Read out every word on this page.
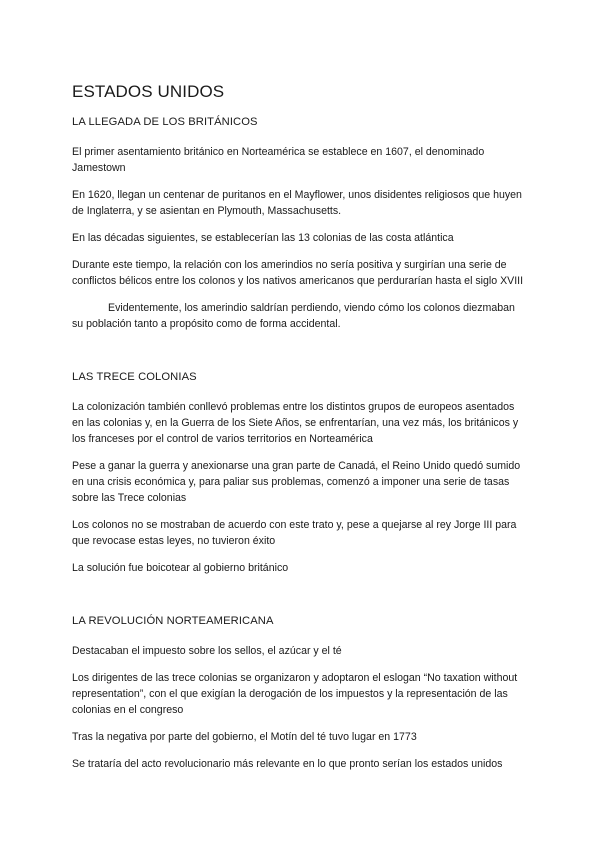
ESTADOS UNIDOS
LA LLEGADA DE LOS BRITÁNICOS

El primer asentamiento británico en Norteamérica se establece en 1607, el denominado Jamestown

En 1620, llegan un centenar de puritanos en el Mayflower, unos disidentes religiosos que huyen de Inglaterra, y se asientan en Plymouth, Massachusetts.

En las décadas siguientes, se establecerían las 13 colonias de las costa atlántica

Durante este tiempo, la relación con los amerindios no sería positiva y surgirían una serie de conflictos bélicos entre los colonos y los nativos americanos que perdurarían hasta el siglo XVIII

Evidentemente, los amerindio saldrían perdiendo, viendo cómo los colonos diezmaban su población tanto a propósito como de forma accidental.

LAS TRECE COLONIAS

La colonización también conllevó problemas entre los distintos grupos de europeos asentados en las colonias y, en la Guerra de los Siete Años, se enfrentarían, una vez más, los británicos y los franceses por el control de varios territorios en Norteamérica

Pese a ganar la guerra y anexionarse una gran parte de Canadá, el Reino Unido quedó sumido en una crisis económica y, para paliar sus problemas, comenzó a imponer una serie de tasas sobre las Trece colonias

Los colonos no se mostraban de acuerdo con este trato y, pese a quejarse al rey Jorge III para que revocase estas leyes, no tuvieron éxito

La solución fue boicotear al gobierno británico

LA REVOLUCIÓN NORTEAMERICANA

Destacaban el impuesto sobre los sellos, el azúcar y el té

Los dirigentes de las trece colonias se organizaron y adoptaron el eslogan “No taxation without representation”, con el que exigían la derogación de los impuestos y la representación de las colonias en el congreso

Tras la negativa por parte del gobierno, el Motín del té tuvo lugar en 1773

Se trataría del acto revolucionario más relevante en lo que pronto serían los estados unidos
